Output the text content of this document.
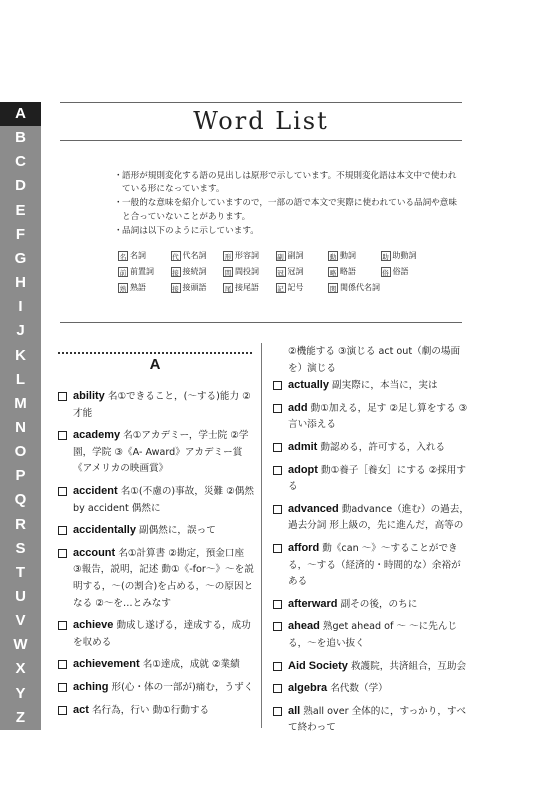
A
B
C
D
E
F
G
H
I
J
K
L
M
N
O
P
Q
R
S
T
U
V
W
X
Y
Z
Word List
・ 語形が規則変化する語の見出しは原形で示しています。不規則変化語は本文中で使われている形になっています。
・ 一般的な意味を紹介していますので，一部の語で本文で実際に使われている品詞や意味と合っていないことがあります。
・ 品詞は以下のように示しています。
名 名詞	代 代名詞	形 形容詞	副 副詞	動 動詞	助 助動詞
前 前置詞	接 接続詞	間 間投詞	冠 冠詞	略 略語	俗 俗語
熟 熟語	接 接頭語	尾 接尾語	記 記号	関 関係代名詞
A
ability 名①できること，(～する)能力 ②才能
academy 名①アカデミー，学士院 ②学園，学院 ③《A- Award》アカデミー賞《アメリカの映画賞》
accident 名①(不慮の)事故，災難 ②偶然 by accident 偶然に
accidentally 副偶然に，誤って
account 名①計算書 ②勘定，預金口座 ③報告，説明，記述 動①《-for～》～を説明する，～(の割合)を占める，～の原因となる ②～を…とみなす
achieve 動成し遂げる，達成する，成功を収める
achievement 名①達成，成就 ②業績
aching 形(心・体の一部が)痛む，うずく
act 名行為，行い 動①行動する
②機能する ③演じる act out（劇の場面を）演じる
actually 副実際に，本当に，実は
add 動①加える，足す ②足し算をする ③言い添える
admit 動認める，許可する，入れる
adopt 動①養子［養女］にする ②採用する
advanced 動advance（進む）の過去，過去分詞 形上級の，先に進んだ，高等の
afford 動《can ～》～することができる，～する（経済的・時間的な）余裕がある
afterward 副その後，のちに
ahead 熟get ahead of ～ ～に先んじる，～を追い抜く
Aid Society 救護院，共済組合，互助会
algebra 名代数（学）
all 熟all over 全体的に，すっかり，すべて終わって
